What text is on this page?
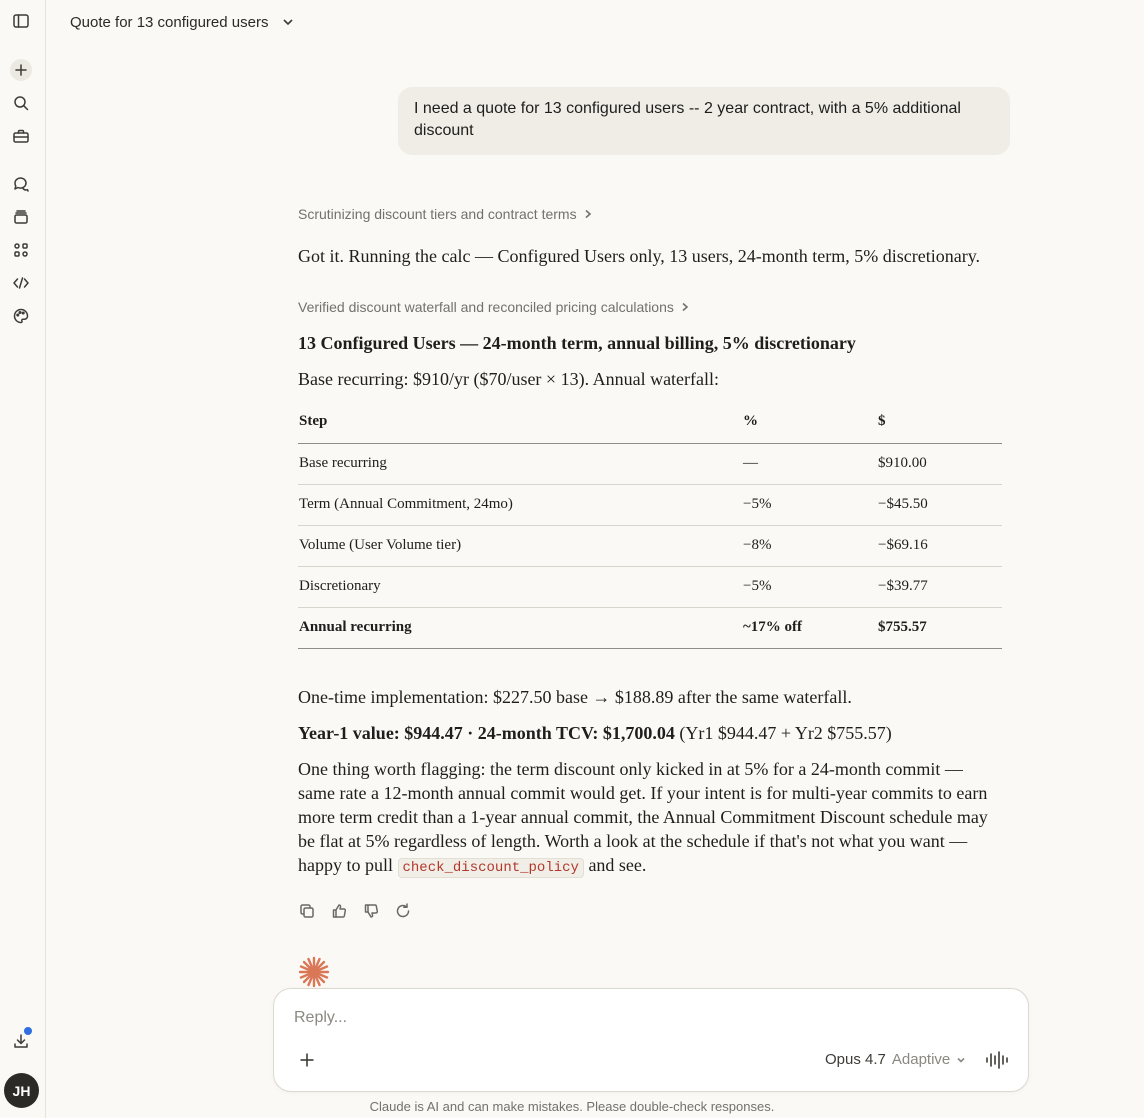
JH
Quote for 13 configured users
I need a quote for 13 configured users -- 2 year contract, with a 5% additional discount
Scrutinizing discount tiers and contract terms

Got it. Running the calc — Configured Users only, 13 users, 24-month term, 5% discretionary.

Verified discount waterfall and reconciled pricing calculations

13 Configured Users — 24-month term, annual billing, 5% discretionary

Base recurring: $910/yr ($70/user × 13). Annual waterfall:

Step	%	$
Base recurring	—	$910.00
Term (Annual Commitment, 24mo)	−5%	−$45.50
Volume (User Volume tier)	−8%	−$69.16
Discretionary	−5%	−$39.77
Annual recurring	~17% off	$755.57

One-time implementation: $227.50 base → $188.89 after the same waterfall.

Year-1 value: $944.47 · 24-month TCV: $1,700.04 (Yr1 $944.47 + Yr2 $755.57)

One thing worth flagging: the term discount only kicked in at 5% for a 24-month commit — same rate a 12-month annual commit would get. If your intent is for multi-year commits to earn more term credit than a 1-year annual commit, the Annual Commitment Discount schedule may be flat at 5% regardless of length. Worth a look at the schedule if that's not what you want — happy to pull check_discount_policy and see.

Reply...
Opus 4.7 Adaptive
Claude is AI and can make mistakes. Please double-check responses.
